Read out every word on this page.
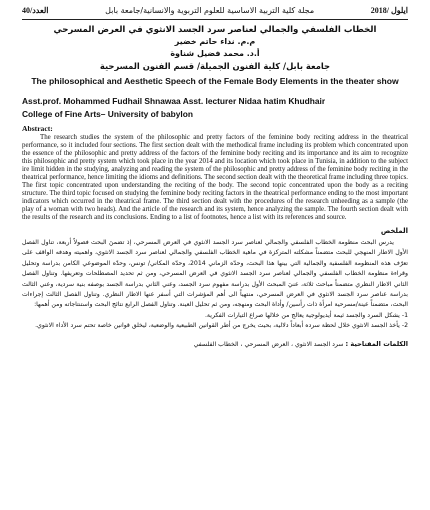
العدد/40	مجلة كلية التربية الاساسية للعلوم التربوية والانسانية/جامعة بابل	ايلول /2018
الخطاب الفلسفي والجمالي لعناصر سرد الجسد الانثوي في العرض المسرحي
م.م. نداء حاتم خضير
أ.د. محمد فضيل شناوة
جامعة بابل/ كلية الفنون الجميلة/ قسم الفنون المسرحية
The philosophical and Aesthetic Speech of the Female Body Elements in the theater show
Asst.prof. Mohammed Fudhail Shnawaa Asst. lecturer Nidaa hatim Khudhair
College of Fine Arts– University of babylon
Abstract:

The research studies the system of the philosophic and pretty factors of the feminine body reciting address in the theatrical performance, so it included four sections. The first section dealt with the methodical frame including its problem which concentrated upon the essence of the philosophic and pretty address of the factors of the feminine body reciting and its importance and its aim to recognize this philosophic and pretty system which took place in the year 2014 and its location which took place in Tunisia, in addition to the subject ire limit hidden in the studying, analyzing and reading the system of the philosophic and pretty address of the feminine body reciting in the theatrical performance, hence limiting the idioms and definitions. The second section dealt with the theoretical frame including three topics. The first topic concentrated upon understanding the reciting of the body. The second topic concentrated upon the body as a reciting structure. The third topic focused on studying the feminine body reciting factors in the theatrical performance ending to the most important indicators which occurred in the theatrical frame. The third section dealt with the procedures of the research unheeding as a sample (the play of a woman with two heads). And the article of the research and its system, hence analyzing the sample. The fourth section dealt with the results of the research and its conclusions. Ending to a list of footnotes, hence a list with its references and source.

الملخص

يدرس البحث منظومة الخطاب الفلسفي والجمالي لعناصر سرد الجسد الانثوي في العرض المسرحي، إذ تضمنَ البحث فصولاً أربعة، تناول الفصل الأول الاطار المنهجي للبحث متضمناً مشكلته المتركزة في ماهية الخطاب الفلسفي والجمالي لعناصر سرد الجسد الانثوي، واهميته وهدفه الواقف على تعرّف هذه المنظومة الفلسفية والجمالية التي بينها هذا البحث، وحدّه الزماني 2014، وحدّه المكاني/ تونس، وحدّه الموضوعي الكامن بدراسة وتحليل وقراءة منظومة الخطاب الفلسفي والجمالي لعناصر سرد الجسد الانثوي في العرض المسرحي، ومن ثم تحديد المصطلحات وتعريفها. وتناول الفصل الثاني الاطار النظري متضمناً مباحث ثلاثة، عنيَ المبحث الأول بدراسة مفهوم سرد الجسد، وعني الثاني بدراسة الجسد بوصفه بنية سردية، وعني الثالث بدراسة عناصر سرد الجسد الانثوي في العرض المسرحي، منتهياً الى أهم المؤشرات التي أسفر عنها الاطار النظري. وتناول الفصل الثالث إجراءات البحث، متضمناً عينة/مسرحية امرأة ذات رأسين/ وأداة البحث ومنهجه، ومن ثم تحليل العينة. وتناول الفصل الرابع نتائج البحث واستنتاجاته ومن أهمها:

1- يشكل السرد والجسد ثيمة أيديولوجية يعالج من خلالها صراع التيارات الفكرية.

2- يأخذ الجسد الانثوي خلال لحظة سرده أبعاداً دلالية، بحيث يخرج من أطر القوانين الطبيعية والوضعية، ليخلق قوانين خاصة تحتم سرد الأداء الانثوي.

الكلمات المفتاحية : سرد الجسد الانثوي ، العرض المسرحي ، الخطاب الفلسفي
